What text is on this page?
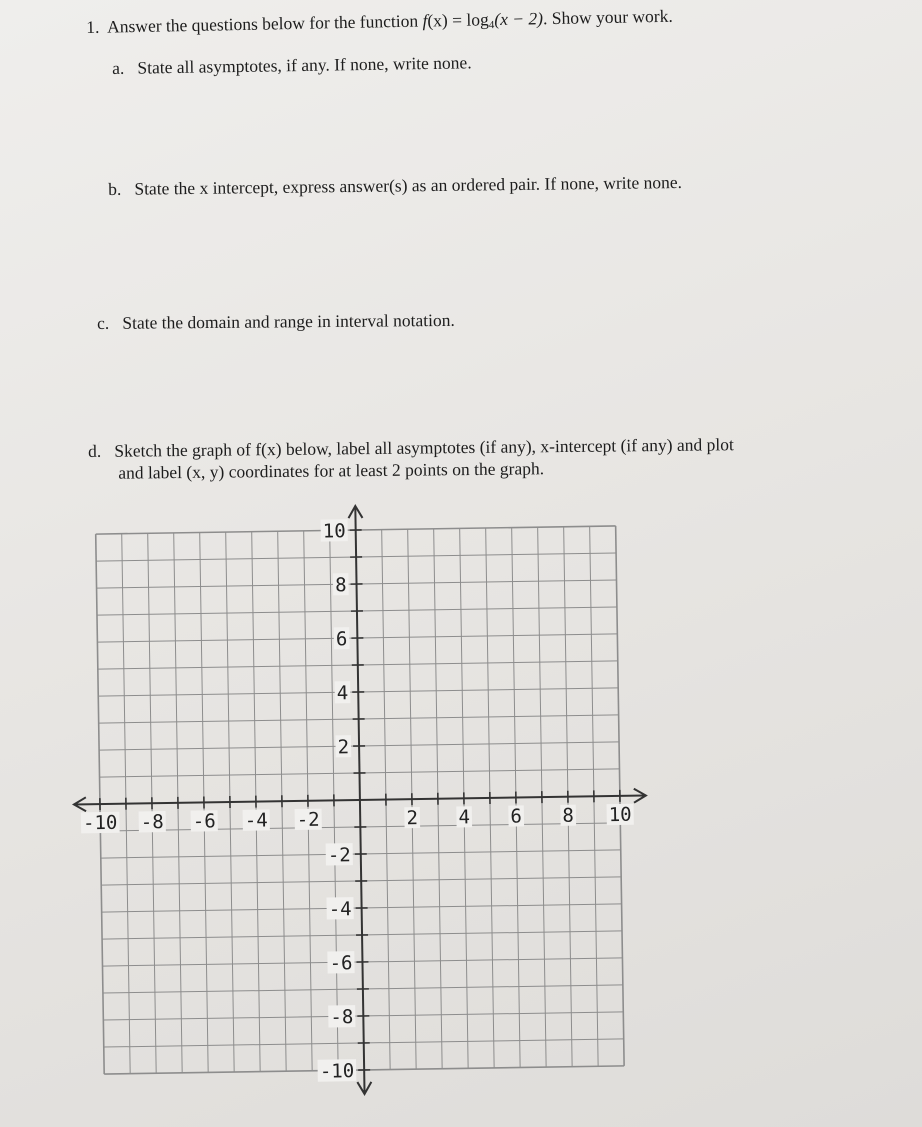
1. Answer the questions below for the function $f(x) = \log_4(x - 2)$. Show your work.
a. State all asymptotes, if any. If none, write none.
b. State the x intercept, express answer(s) as an ordered pair. If none, write none.
c. State the domain and range in interval notation.
d. Sketch the graph of f(x) below, label all asymptotes (if any), x-intercept (if any) and plot
and label (x, y) coordinates for at least 2 points on the graph.
-10 -8 -6 -4 -2	2 4 6 8 10
10
8
6
4
2
-2
-4
-6
-8
-10
